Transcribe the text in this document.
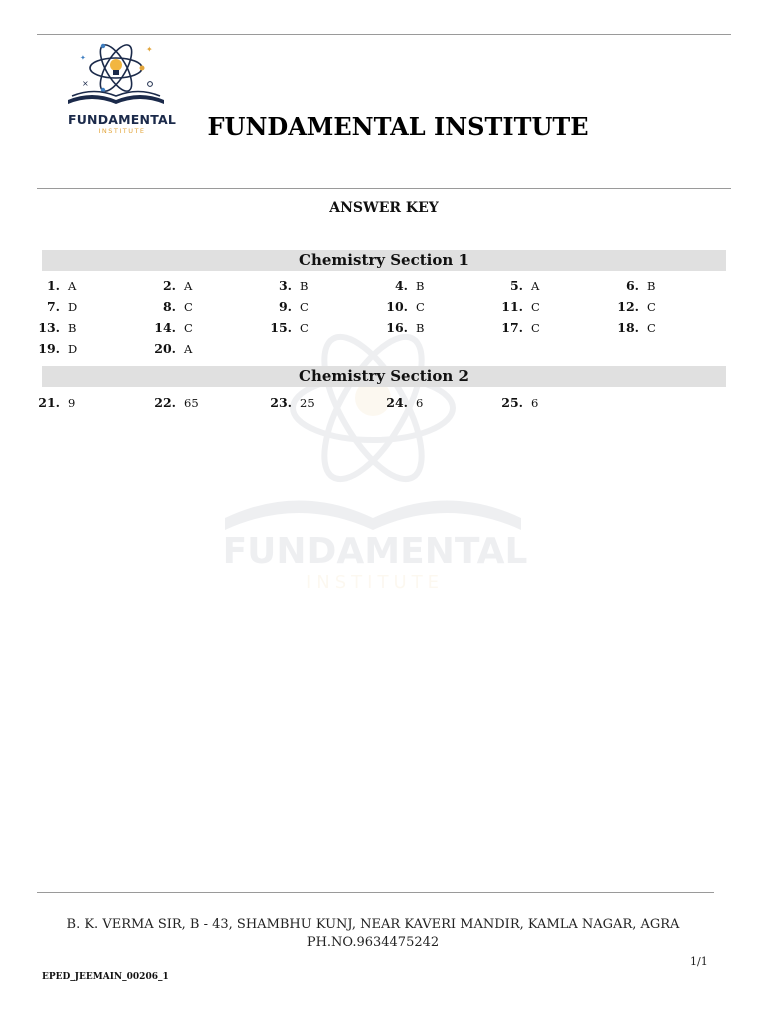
✦
✦
×
FUNDAMENTAL
INSTITUTE	FUNDAMENTAL INSTITUTE
ANSWER KEY
FUNDAMENTAL
INSTITUTE
Chemistry Section 1
1. A	2. A	3. B	4. B	5. A	6. B
7. D	8. C	9. C	10. C	11. C	12. C
13. B	14. C	15. C	16. B	17. C	18. C
19. D	20. A
Chemistry Section 2
21. 9	22. 65	23. 25	24. 6	25. 6
B. K. VERMA SIR, B - 43, SHAMBHU KUNJ, NEAR KAVERI MANDIR, KAMLA NAGAR, AGRA
PH.NO.9634475242
1/1
EPED_JEEMAIN_00206_1
